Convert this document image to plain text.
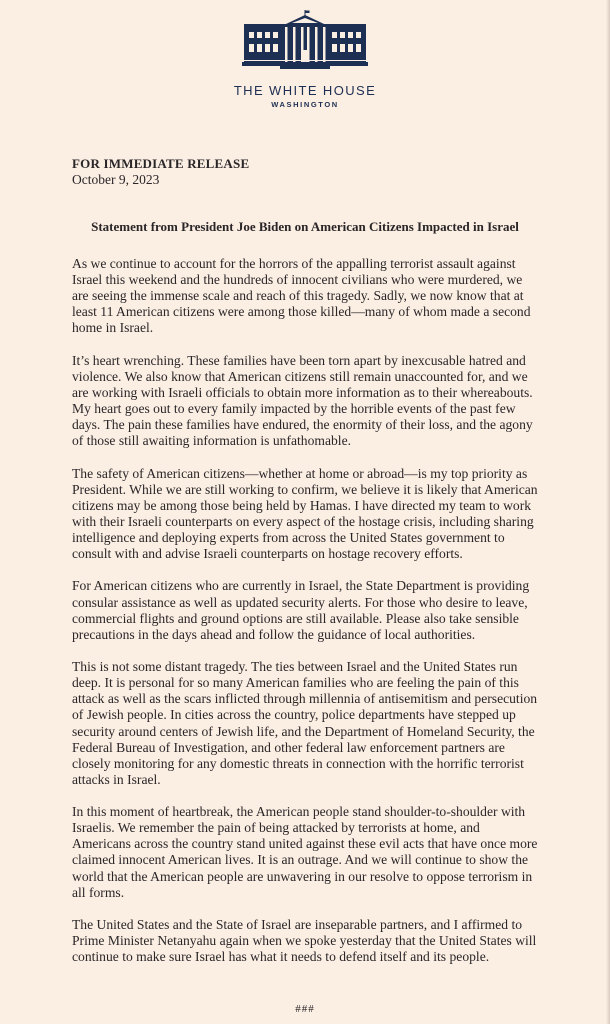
THE WHITE HOUSE
WASHINGTON
FOR IMMEDIATE RELEASE
October 9, 2023
Statement from President Joe Biden on American Citizens Impacted in Israel

As we continue to account for the horrors of the appalling terrorist assault against Israel this weekend and the hundreds of innocent civilians who were murdered, we are seeing the immense scale and reach of this tragedy. Sadly, we now know that at least 11 American citizens were among those killed—many of whom made a second home in Israel.

It’s heart wrenching. These families have been torn apart by inexcusable hatred and violence. We also know that American citizens still remain unaccounted for, and we are working with Israeli officials to obtain more information as to their whereabouts. My heart goes out to every family impacted by the horrible events of the past few days. The pain these families have endured, the enormity of their loss, and the agony of those still awaiting information is unfathomable.

The safety of American citizens—whether at home or abroad—is my top priority as President. While we are still working to confirm, we believe it is likely that American citizens may be among those being held by Hamas. I have directed my team to work with their Israeli counterparts on every aspect of the hostage crisis, including sharing intelligence and deploying experts from across the United States government to consult with and advise Israeli counterparts on hostage recovery efforts.

For American citizens who are currently in Israel, the State Department is providing consular assistance as well as updated security alerts. For those who desire to leave, commercial flights and ground options are still available. Please also take sensible precautions in the days ahead and follow the guidance of local authorities.

This is not some distant tragedy. The ties between Israel and the United States run deep. It is personal for so many American families who are feeling the pain of this attack as well as the scars inflicted through millennia of antisemitism and persecution of Jewish people. In cities across the country, police departments have stepped up security around centers of Jewish life, and the Department of Homeland Security, the Federal Bureau of Investigation, and other federal law enforcement partners are closely monitoring for any domestic threats in connection with the horrific terrorist attacks in Israel.

In this moment of heartbreak, the American people stand shoulder-to-shoulder with Israelis. We remember the pain of being attacked by terrorists at home, and Americans across the country stand united against these evil acts that have once more claimed innocent American lives. It is an outrage. And we will continue to show the world that the American people are unwavering in our resolve to oppose terrorism in all forms.

The United States and the State of Israel are inseparable partners, and I affirmed to Prime Minister Netanyahu again when we spoke yesterday that the United States will continue to make sure Israel has what it needs to defend itself and its people.

###
